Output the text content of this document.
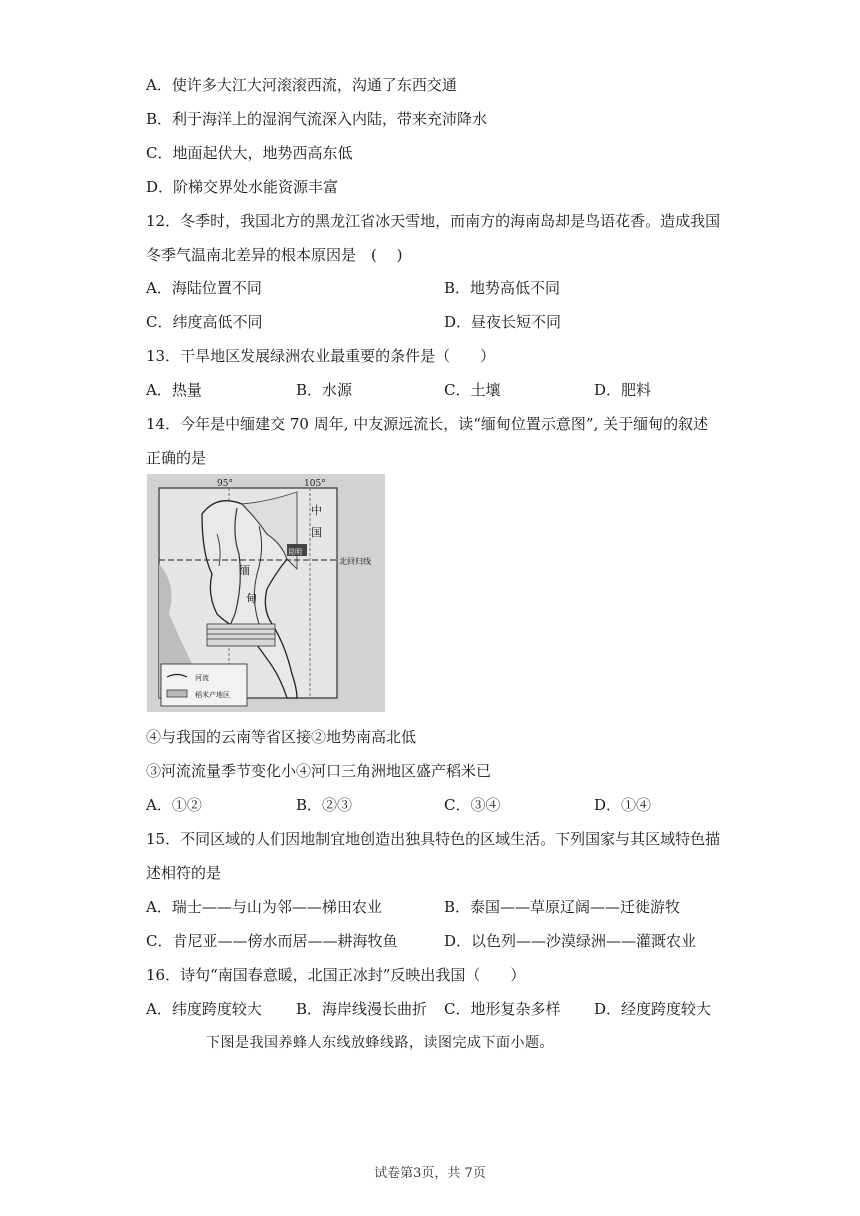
A．使许多大江大河滚滚西流，沟通了东西交通
B．利于海洋上的湿润气流深入内陆，带来充沛降水
C．地面起伏大，地势西高东低
D．阶梯交界处水能资源丰富
12．冬季时，我国北方的黑龙江省冰天雪地，而南方的海南岛却是鸟语花香。造成我国
冬季气温南北差异的根本原因是　(　 )
A．海陆位置不同	B．地势高低不同
C．纬度高低不同	D．昼夜长短不同
13．干旱地区发展绿洲农业最重要的条件是（　　）
A．热量	B．水源	C．土壤	D．肥料
14．今年是中缅建交 70 周年, 中友源远流长，读“缅甸位置示意图”, 关于缅甸的叙述
正确的是
95°	105°
北回归线
昆明
中
国
缅
甸
河流
稻米产地区
④与我国的云南等省区接②地势南高北低
③河流流量季节变化小④河口三角洲地区盛产稻米已
A．①②	B．②③	C．③④	D．①④
15．不同区域的人们因地制宜地创造出独具特色的区域生活。下列国家与其区域特色描
述相符的是
A．瑞士——与山为邻——梯田农业	B．泰国——草原辽阔——迁徙游牧
C．肯尼亚——傍水而居——耕海牧鱼	D．以色列——沙漠绿洲——灌溉农业
16．诗句“南国春意暖，北国正冰封”反映出我国（　　）
A．纬度跨度较大 B．海岸线漫长曲折 C．地形复杂多样 D．经度跨度较大
下图是我国养蜂人东线放蜂线路，读图完成下面小题。
试卷第3页，共 7页
